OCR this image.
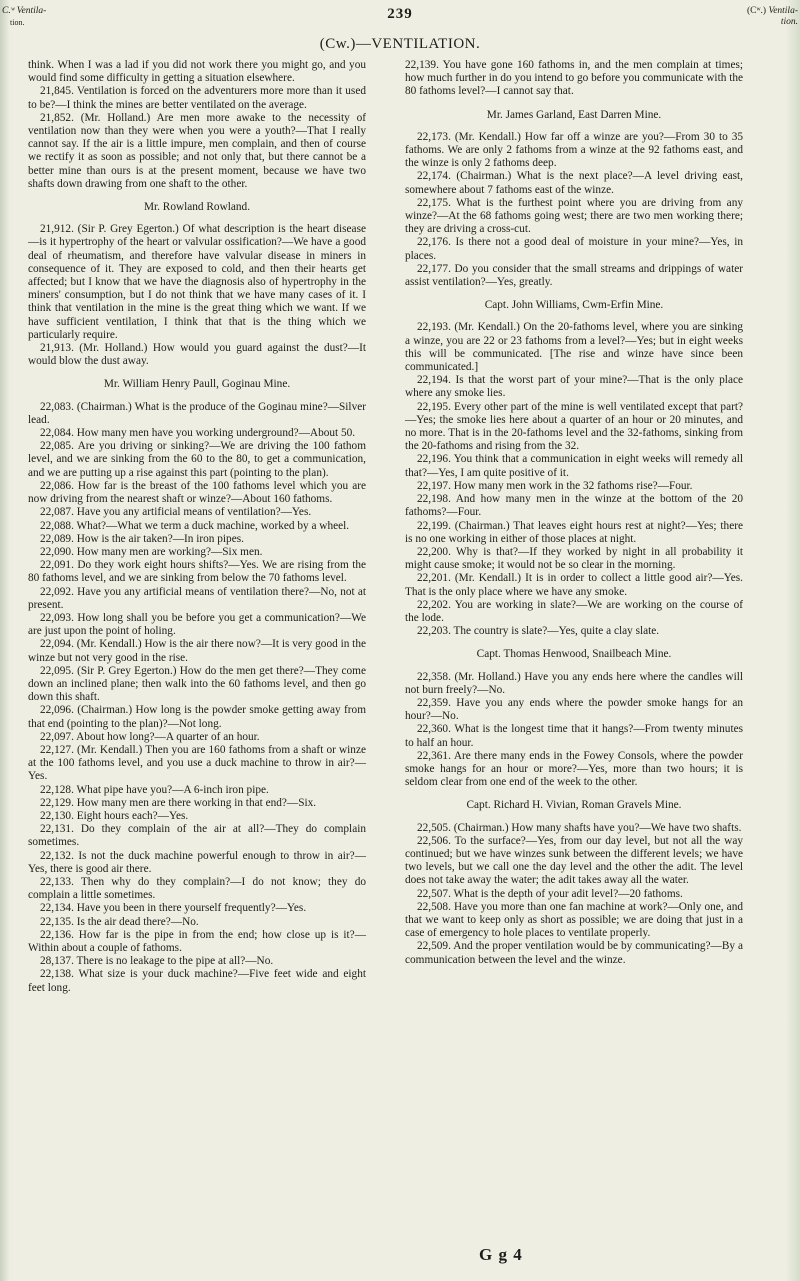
C.ʷ Ventila-
tion.
(Cʷ.) Ventila-
tion.
239
(Cw.)—VENTILATION.

think. When I was a lad if you did not work there you might go, and you would find some difficulty in getting a situation elsewhere.

21,845. Ventilation is forced on the adventurers more more than it used to be?—I think the mines are better ventilated on the average.

21,852. (Mr. Holland.) Are men more awake to the necessity of ventilation now than they were when you were a youth?—That I really cannot say. If the air is a little impure, men complain, and then of course we rectify it as soon as possible; and not only that, but there cannot be a better mine than ours is at the present moment, because we have two shafts down drawing from one shaft to the other.

Mr. Rowland Rowland.

21,912. (Sir P. Grey Egerton.) Of what description is the heart disease—is it hypertrophy of the heart or valvular ossification?—We have a good deal of rheumatism, and therefore have valvular disease in miners in consequence of it. They are exposed to cold, and then their hearts get affected; but I know that we have the diagnosis also of hypertrophy in the miners' consumption, but I do not think that we have many cases of it. I think that ventilation in the mine is the great thing which we want. If we have sufficient ventilation, I think that that is the thing which we particularly require.

21,913. (Mr. Holland.) How would you guard against the dust?—It would blow the dust away.

Mr. William Henry Paull, Goginau Mine.

22,083. (Chairman.) What is the produce of the Goginau mine?—Silver lead.

22,084. How many men have you working underground?—About 50.

22,085. Are you driving or sinking?—We are driving the 100 fathom level, and we are sinking from the 60 to the 80, to get a communication, and we are putting up a rise against this part (pointing to the plan).

22,086. How far is the breast of the 100 fathoms level which you are now driving from the nearest shaft or winze?—About 160 fathoms.

22,087. Have you any artificial means of ventilation?—Yes.

22,088. What?—What we term a duck machine, worked by a wheel.

22,089. How is the air taken?—In iron pipes.

22,090. How many men are working?—Six men.

22,091. Do they work eight hours shifts?—Yes. We are rising from the 80 fathoms level, and we are sinking from below the 70 fathoms level.

22,092. Have you any artificial means of ventilation there?—No, not at present.

22,093. How long shall you be before you get a communication?—We are just upon the point of holing.

22,094. (Mr. Kendall.) How is the air there now?—It is very good in the winze but not very good in the rise.

22,095. (Sir P. Grey Egerton.) How do the men get there?—They come down an inclined plane; then walk into the 60 fathoms level, and then go down this shaft.

22,096. (Chairman.) How long is the powder smoke getting away from that end (pointing to the plan)?—Not long.

22,097. About how long?—A quarter of an hour.

22,127. (Mr. Kendall.) Then you are 160 fathoms from a shaft or winze at the 100 fathoms level, and you use a duck machine to throw in air?—Yes.

22,128. What pipe have you?—A 6-inch iron pipe.

22,129. How many men are there working in that end?—Six.

22,130. Eight hours each?—Yes.

22,131. Do they complain of the air at all?—They do complain sometimes.

22,132. Is not the duck machine powerful enough to throw in air?—Yes, there is good air there.

22,133. Then why do they complain?—I do not know; they do complain a little sometimes.

22,134. Have you been in there yourself frequently?—Yes.

22,135. Is the air dead there?—No.

22,136. How far is the pipe in from the end; how close up is it?—Within about a couple of fathoms.

28,137. There is no leakage to the pipe at all?—No.

22,138. What size is your duck machine?—Five feet wide and eight feet long.

22,139. You have gone 160 fathoms in, and the men complain at times; how much further in do you intend to go before you communicate with the 80 fathoms level?—I cannot say that.

Mr. James Garland, East Darren Mine.

22,173. (Mr. Kendall.) How far off a winze are you?—From 30 to 35 fathoms. We are only 2 fathoms from a winze at the 92 fathoms east, and the winze is only 2 fathoms deep.

22,174. (Chairman.) What is the next place?—A level driving east, somewhere about 7 fathoms east of the winze.

22,175. What is the furthest point where you are driving from any winze?—At the 68 fathoms going west; there are two men working there; they are driving a cross-cut.

22,176. Is there not a good deal of moisture in your mine?—Yes, in places.

22,177. Do you consider that the small streams and drippings of water assist ventilation?—Yes, greatly.

Capt. John Williams, Cwm-Erfin Mine.

22,193. (Mr. Kendall.) On the 20-fathoms level, where you are sinking a winze, you are 22 or 23 fathoms from a level?—Yes; but in eight weeks this will be communicated. [The rise and winze have since been communicated.]

22,194. Is that the worst part of your mine?—That is the only place where any smoke lies.

22,195. Every other part of the mine is well ventilated except that part?—Yes; the smoke lies here about a quarter of an hour or 20 minutes, and no more. That is in the 20-fathoms level and the 32-fathoms, sinking from the 20-fathoms and rising from the 32.

22,196. You think that a communication in eight weeks will remedy all that?—Yes, I am quite positive of it.

22,197. How many men work in the 32 fathoms rise?—Four.

22,198. And how many men in the winze at the bottom of the 20 fathoms?—Four.

22,199. (Chairman.) That leaves eight hours rest at night?—Yes; there is no one working in either of those places at night.

22,200. Why is that?—If they worked by night in all probability it might cause smoke; it would not be so clear in the morning.

22,201. (Mr. Kendall.) It is in order to collect a little good air?—Yes. That is the only place where we have any smoke.

22,202. You are working in slate?—We are working on the course of the lode.

22,203. The country is slate?—Yes, quite a clay slate.

Capt. Thomas Henwood, Snailbeach Mine.

22,358. (Mr. Holland.) Have you any ends here where the candles will not burn freely?—No.

22,359. Have you any ends where the powder smoke hangs for an hour?—No.

22,360. What is the longest time that it hangs?—From twenty minutes to half an hour.

22,361. Are there many ends in the Fowey Consols, where the powder smoke hangs for an hour or more?—Yes, more than two hours; it is seldom clear from one end of the week to the other.

Capt. Richard H. Vivian, Roman Gravels Mine.

22,505. (Chairman.) How many shafts have you?—We have two shafts.

22,506. To the surface?—Yes, from our day level, but not all the way continued; but we have winzes sunk between the different levels; we have two levels, but we call one the day level and the other the adit. The level does not take away the water; the adit takes away all the water.

22,507. What is the depth of your adit level?—20 fathoms.

22,508. Have you more than one fan machine at work?—Only one, and that we want to keep only as short as possible; we are doing that just in a case of emergency to hole places to ventilate properly.

22,509. And the proper ventilation would be by communicating?—By a communication between the level and the winze.

G g 4
